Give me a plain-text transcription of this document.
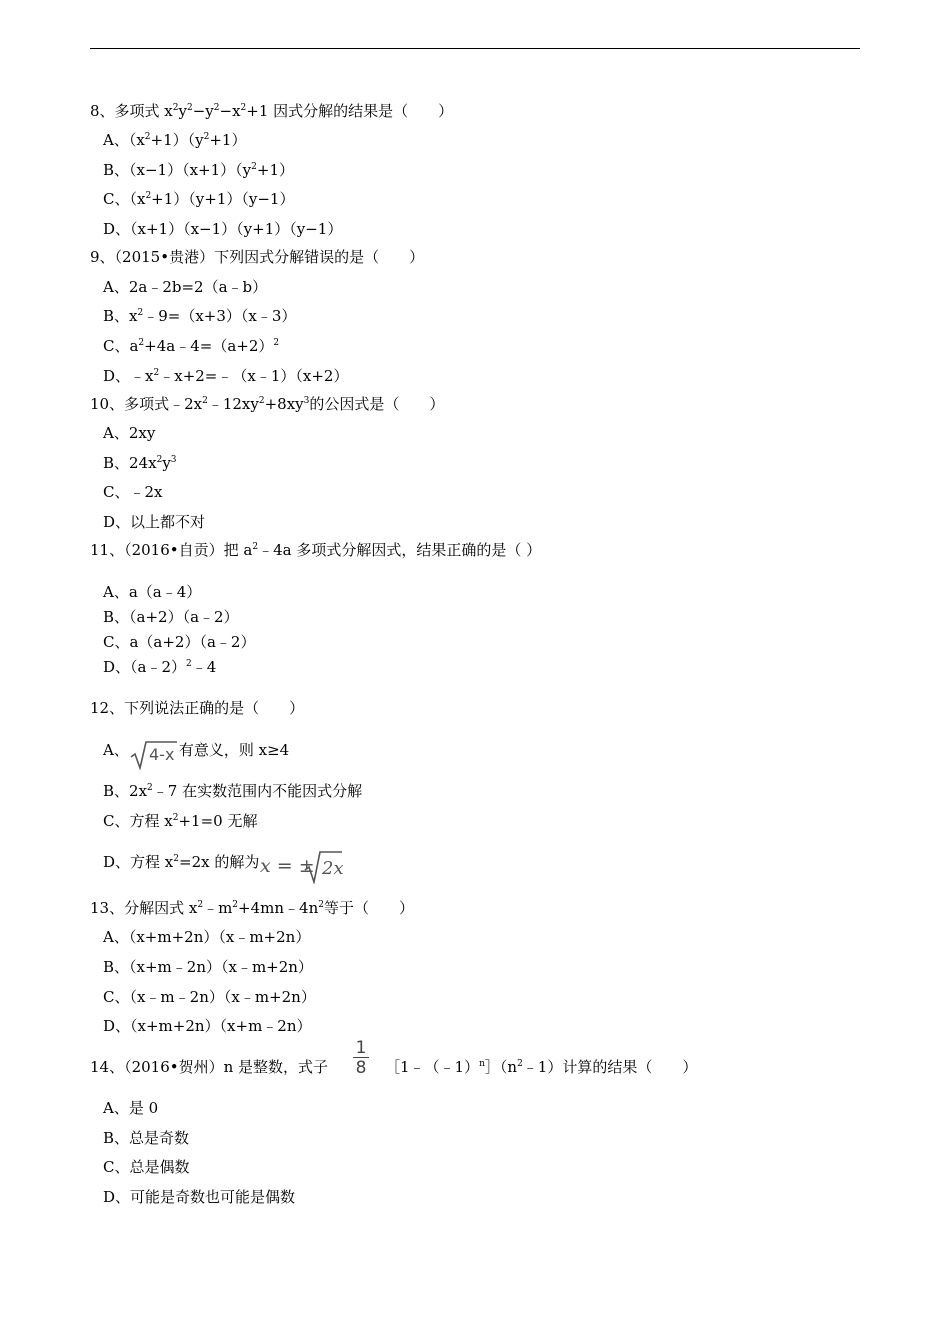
8、多项式 $x^2y^2-y^2-x^2+1$ 因式分解的结果是（　　）
A、$(x^2+1)(y^2+1)$
B、$(x-1)(x+1)(y^2+1)$
C、$(x^2+1)(y+1)(y-1)$
D、（x+1）（x−1）（y+1）（y−1）
9、（2015•贵港）下列因式分解错误的是（　　）
A、2a﹣2b=2（a﹣b）
B、$x^2﹣9=(x+3)(x﹣3)$
C、$a^2+4a﹣4=(a+2)^2$
D、$﹣x^2﹣x+2=﹣(x﹣1)(x+2)$
10、多项式$﹣2x^2﹣12xy^2+8xy^3$的公因式是（　　）
A、2xy
B、$24x^2y^3$
C、﹣2x
D、以上都不对
11、（2016•自贡）把 $a^2﹣4a$ 多项式分解因式，结果正确的是（ ）
A、a（a﹣4）
B、（a+2）（a﹣2）
C、a（a+2）（a﹣2）
D、（a﹣2）$^2$﹣4
12、下列说法正确的是（　　）
A、 4-x 有意义，则 x≥4
B、$2x^2﹣7$ 在实数范围内不能因式分解
C、方程 $x^2+1=0$ 无解
D、方程 $x^2=2x$ 的解为 x = ± 2x
13、分解因式 $x^2﹣m^2+4mn﹣4n^2$等于（　　）
A、（x+m+2n）（x﹣m+2n）
B、（x+m﹣2n）（x﹣m+2n）
C、（x﹣m﹣2n）（x﹣m+2n）
D、（x+m+2n）（x+m﹣2n）
14、（2016•贺州）n 是整数，式子
1
8 $[1﹣(﹣1)^n](n^2﹣1)$计算的结果（　　）
A、是 0
B、总是奇数
C、总是偶数
D、可能是奇数也可能是偶数
